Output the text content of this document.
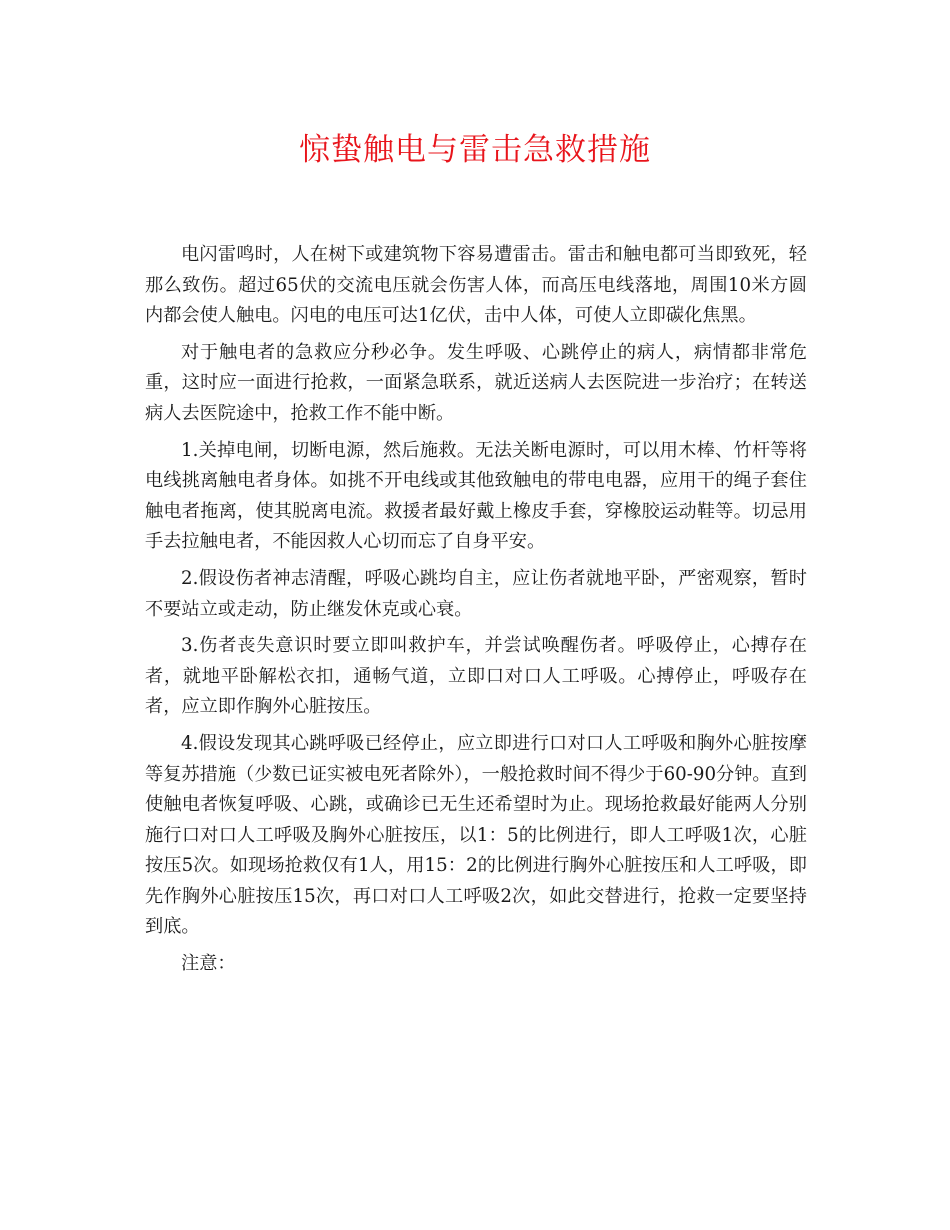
惊蛰触电与雷击急救措施

电闪雷鸣时，人在树下或建筑物下容易遭雷击。雷击和触电都可当即致死，轻那么致伤。超过65伏的交流电压就会伤害人体，而高压电线落地，周围10米方圆内都会使人触电。闪电的电压可达1亿伏，击中人体，可使人立即碳化焦黑。

对于触电者的急救应分秒必争。发生呼吸、心跳停止的病人，病情都非常危重，这时应一面进行抢救，一面紧急联系，就近送病人去医院进一步治疗；在转送病人去医院途中，抢救工作不能中断。

1.关掉电闸，切断电源，然后施救。无法关断电源时，可以用木棒、竹杆等将电线挑离触电者身体。如挑不开电线或其他致触电的带电电器，应用干的绳子套住触电者拖离，使其脱离电流。救援者最好戴上橡皮手套，穿橡胶运动鞋等。切忌用手去拉触电者，不能因救人心切而忘了自身平安。

2.假设伤者神志清醒，呼吸心跳均自主，应让伤者就地平卧，严密观察，暂时不要站立或走动，防止继发休克或心衰。

3.伤者丧失意识时要立即叫救护车，并尝试唤醒伤者。呼吸停止，心搏存在者，就地平卧解松衣扣，通畅气道，立即口对口人工呼吸。心搏停止，呼吸存在者，应立即作胸外心脏按压。

4.假设发现其心跳呼吸已经停止，应立即进行口对口人工呼吸和胸外心脏按摩等复苏措施（少数已证实被电死者除外），一般抢救时间不得少于60-90分钟。直到使触电者恢复呼吸、心跳，或确诊已无生还希望时为止。现场抢救最好能两人分别施行口对口人工呼吸及胸外心脏按压，以1：5的比例进行，即人工呼吸1次，心脏按压5次。如现场抢救仅有1人，用15：2的比例进行胸外心脏按压和人工呼吸，即先作胸外心脏按压15次，再口对口人工呼吸2次，如此交替进行，抢救一定要坚持到底。

注意：
